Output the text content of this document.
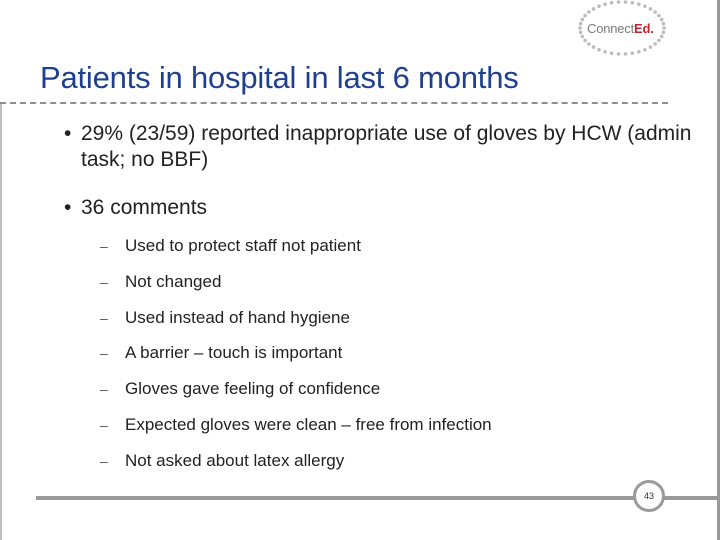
ConnectEd.
Patients in hospital in last 6 months
• 29% (23/59) reported inappropriate use of gloves by HCW (admin task; no BBF)
• 36 comments
– Used to protect staff not patient
– Not changed
– Used instead of hand hygiene
– A barrier – touch is important
– Gloves gave feeling of confidence
– Expected gloves were clean – free from infection
– Not asked about latex allergy
43
